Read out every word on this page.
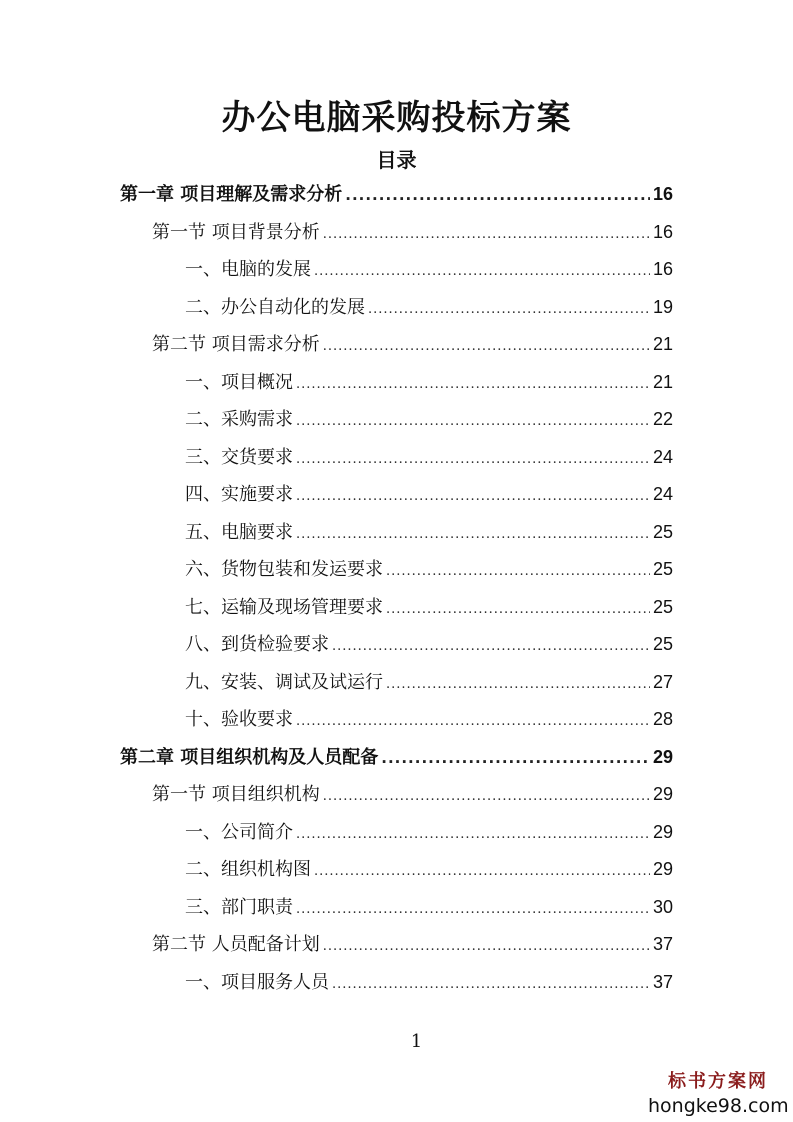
办公电脑采购投标方案
目录
第一章 项目理解及需求分析 .....	16
第一节 项目背景分析 .....	16
一、电脑的发展 .....	16
二、办公自动化的发展 .....	19
第二节 项目需求分析 .....	21
一、项目概况 .....	21
二、采购需求 .....	22
三、交货要求 .....	24
四、实施要求 .....	24
五、电脑要求 .....	25
六、货物包装和发运要求 .....	25
七、运输及现场管理要求 .....	25
八、到货检验要求 .....	25
九、安装、调试及试运行 .....	27
十、验收要求 .....	28
第二章 项目组织机构及人员配备 .....	29
第一节 项目组织机构 .....	29
一、公司简介 .....	29
二、组织机构图 .....	29
三、部门职责 .....	30
第二节 人员配备计划 .....	37
一、项目服务人员 .....	37
1
标书方案网
hongke98.com
